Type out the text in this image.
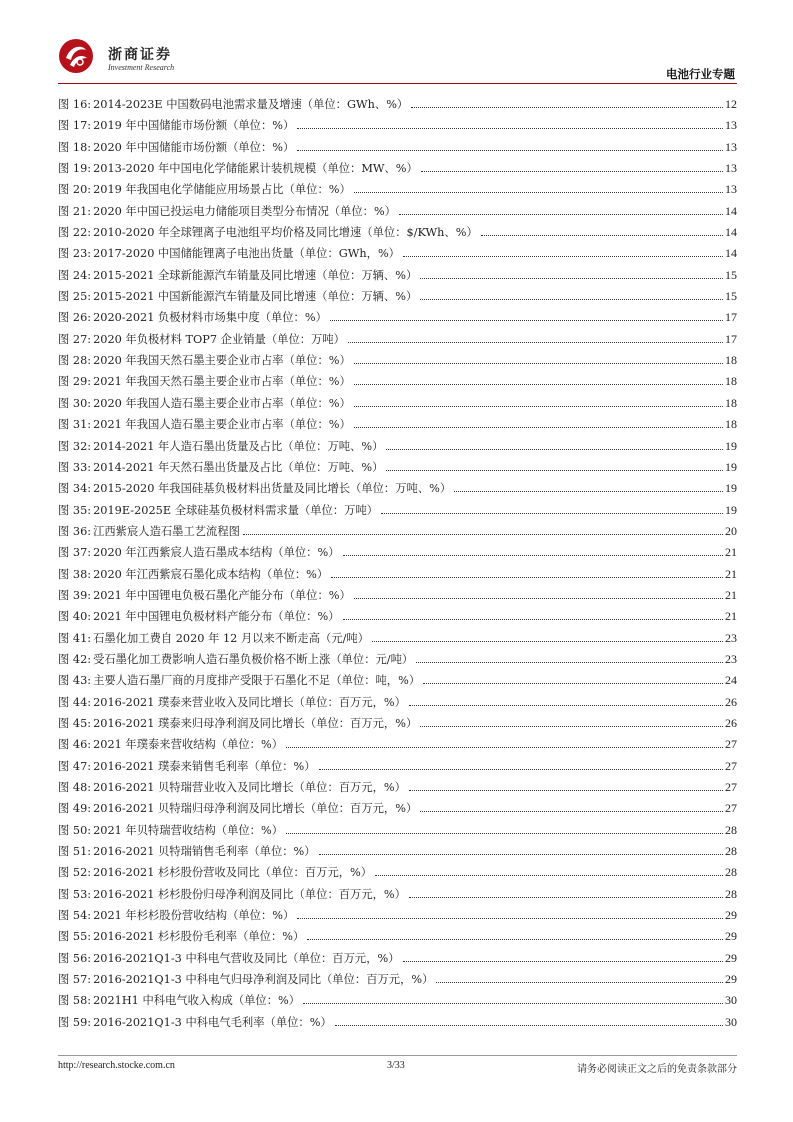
浙商证券
Investment Research	电池行业专题
图 16: 2014-2023E 中国数码电池需求量及增速（单位：GWh、%）	12
图 17: 2019 年中国储能市场份额（单位：%）	13
图 18: 2020 年中国储能市场份额（单位：%）	13
图 19: 2013-2020 年中国电化学储能累计装机规模（单位：MW、%）	13
图 20: 2019 年我国电化学储能应用场景占比（单位：%）	13
图 21: 2020 年中国已投运电力储能项目类型分布情况（单位：%）	14
图 22: 2010-2020 年全球锂离子电池组平均价格及同比增速（单位：$/KWh、%）	14
图 23: 2017-2020 中国储能锂离子电池出货量（单位：GWh，%）	14
图 24: 2015-2021 全球新能源汽车销量及同比增速（单位：万辆、%）	15
图 25: 2015-2021 中国新能源汽车销量及同比增速（单位：万辆、%）	15
图 26: 2020-2021 负极材料市场集中度（单位：%）	17
图 27: 2020 年负极材料 TOP7 企业销量（单位：万吨）	17
图 28: 2020 年我国天然石墨主要企业市占率（单位：%）	18
图 29: 2021 年我国天然石墨主要企业市占率（单位：%）	18
图 30: 2020 年我国人造石墨主要企业市占率（单位：%）	18
图 31: 2021 年我国人造石墨主要企业市占率（单位：%）	18
图 32: 2014-2021 年人造石墨出货量及占比（单位：万吨、%）	19
图 33: 2014-2021 年天然石墨出货量及占比（单位：万吨、%）	19
图 34: 2015-2020 年我国硅基负极材料出货量及同比增长（单位：万吨、%）	19
图 35: 2019E-2025E 全球硅基负极材料需求量（单位：万吨）	19
图 36: 江西紫宸人造石墨工艺流程图	20
图 37: 2020 年江西紫宸人造石墨成本结构（单位：%）	21
图 38: 2020 年江西紫宸石墨化成本结构（单位：%）	21
图 39: 2021 年中国锂电负极石墨化产能分布（单位：%）	21
图 40: 2021 年中国锂电负极材料产能分布（单位：%）	21
图 41: 石墨化加工费自 2020 年 12 月以来不断走高（元/吨）	23
图 42: 受石墨化加工费影响人造石墨负极价格不断上涨（单位：元/吨）	23
图 43: 主要人造石墨厂商的月度排产受限于石墨化不足（单位：吨，%）	24
图 44: 2016-2021 璞泰来营业收入及同比增长（单位：百万元，%）	26
图 45: 2016-2021 璞泰来归母净利润及同比增长（单位：百万元，%）	26
图 46: 2021 年璞泰来营收结构（单位：%）	27
图 47: 2016-2021 璞泰来销售毛利率（单位：%）	27
图 48: 2016-2021 贝特瑞营业收入及同比增长（单位：百万元，%）	27
图 49: 2016-2021 贝特瑞归母净利润及同比增长（单位：百万元，%）	27
图 50: 2021 年贝特瑞营收结构（单位：%）	28
图 51: 2016-2021 贝特瑞销售毛利率（单位：%）	28
图 52: 2016-2021 杉杉股份营收及同比（单位：百万元，%）	28
图 53: 2016-2021 杉杉股份归母净利润及同比（单位：百万元，%）	28
图 54: 2021 年杉杉股份营收结构（单位：%）	29
图 55: 2016-2021 杉杉股份毛利率（单位：%）	29
图 56: 2016-2021Q1-3 中科电气营收及同比（单位：百万元，%）	29
图 57: 2016-2021Q1-3 中科电气归母净利润及同比（单位：百万元，%）	29
图 58: 2021H1 中科电气收入构成（单位：%）	30
图 59: 2016-2021Q1-3 中科电气毛利率（单位：%）	30
http://research.stocke.com.cn	3/33	请务必阅读正文之后的免责条款部分
